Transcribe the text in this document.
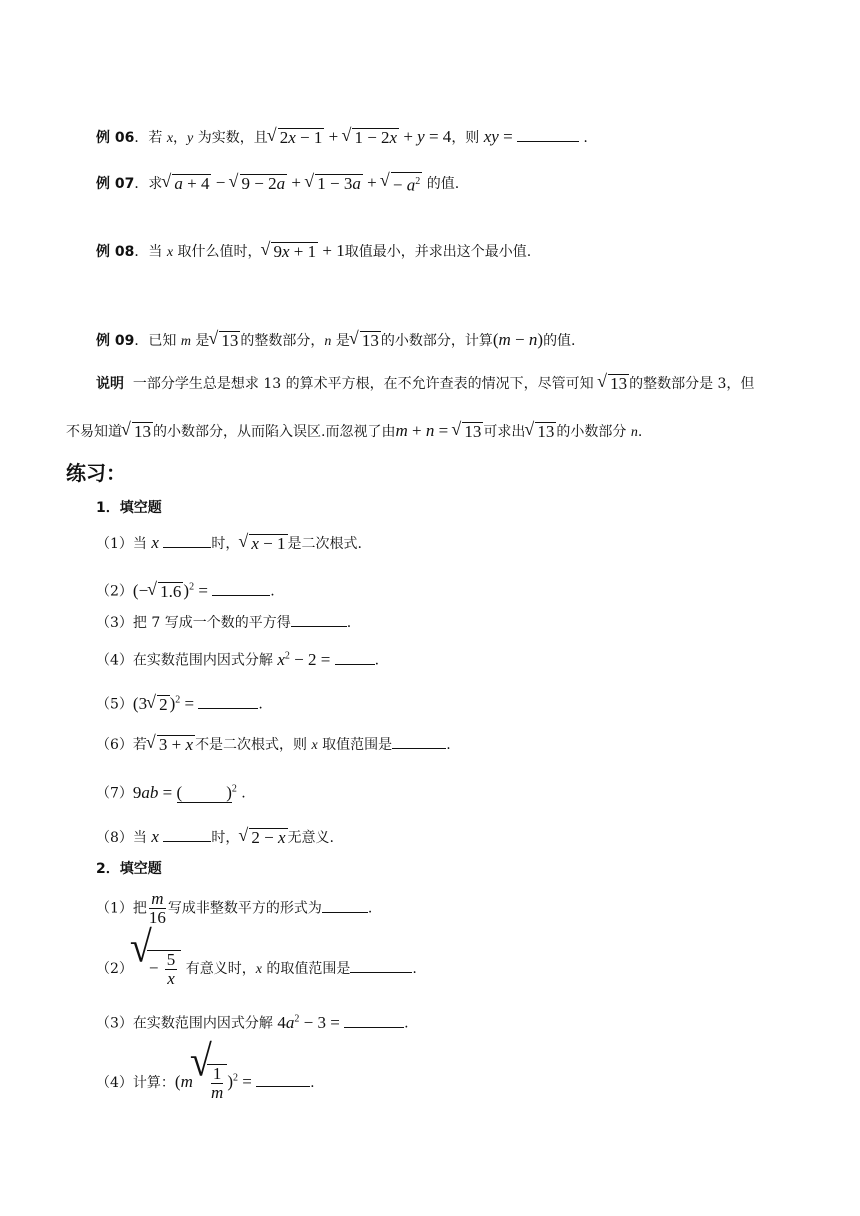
例 06．若 x，y 为实数，且√ 2x − 1 + √ 1 − 2x + y = 4，则 xy =	.
例 07．求√ a + 4 − √ 9 − 2a + √ 1 − 3a + √ − $a^2$ 的值.
例 08．当 x 取什么值时，√ 9x + 1 + 1取值最小，并求出这个最小值.
例 09．已知 m 是√ 13 的整数部分，n 是√ 13 的小数部分，计算(m − n)的值.
说明 一部分学生总是想求 13 的算术平方根，在不允许查表的情况下，尽管可知 √ 13 的整数部分是 3，但
不易知道√ 13 的小数部分，从而陷入误区.而忽视了由m + n = √ 13 可求出√ 13 的小数部分 n.
练习：
1．填空题
（1）当 x	时，√ x − 1 是二次根式.
（2）(−√ 1.6 )$^2$ =	.
（3）把 7 写成一个数的平方得	.
（4）在实数范围内因式分解 $x^2 - 2$ =	.
（5）(3√ 2 )$^2$ =	.
（6）若√ 3 + x 不是二次根式，则 x 取值范围是	.
（7）9ab = (	)$^2$ .
（8）当 x	时，√ 2 − x 无意义.
2．填空题
（1）把 $\frac{m}{16}$ 写成非整数平方的形式为	.
$(2)√ - \frac{5}{x}$ 有意义时，x 的取值范围是	.
（3）在实数范围内因式分解 $4a^2 - 3$ =	.
（4）计算：(m
√ $\frac{1}{m} )^2$ =	.
